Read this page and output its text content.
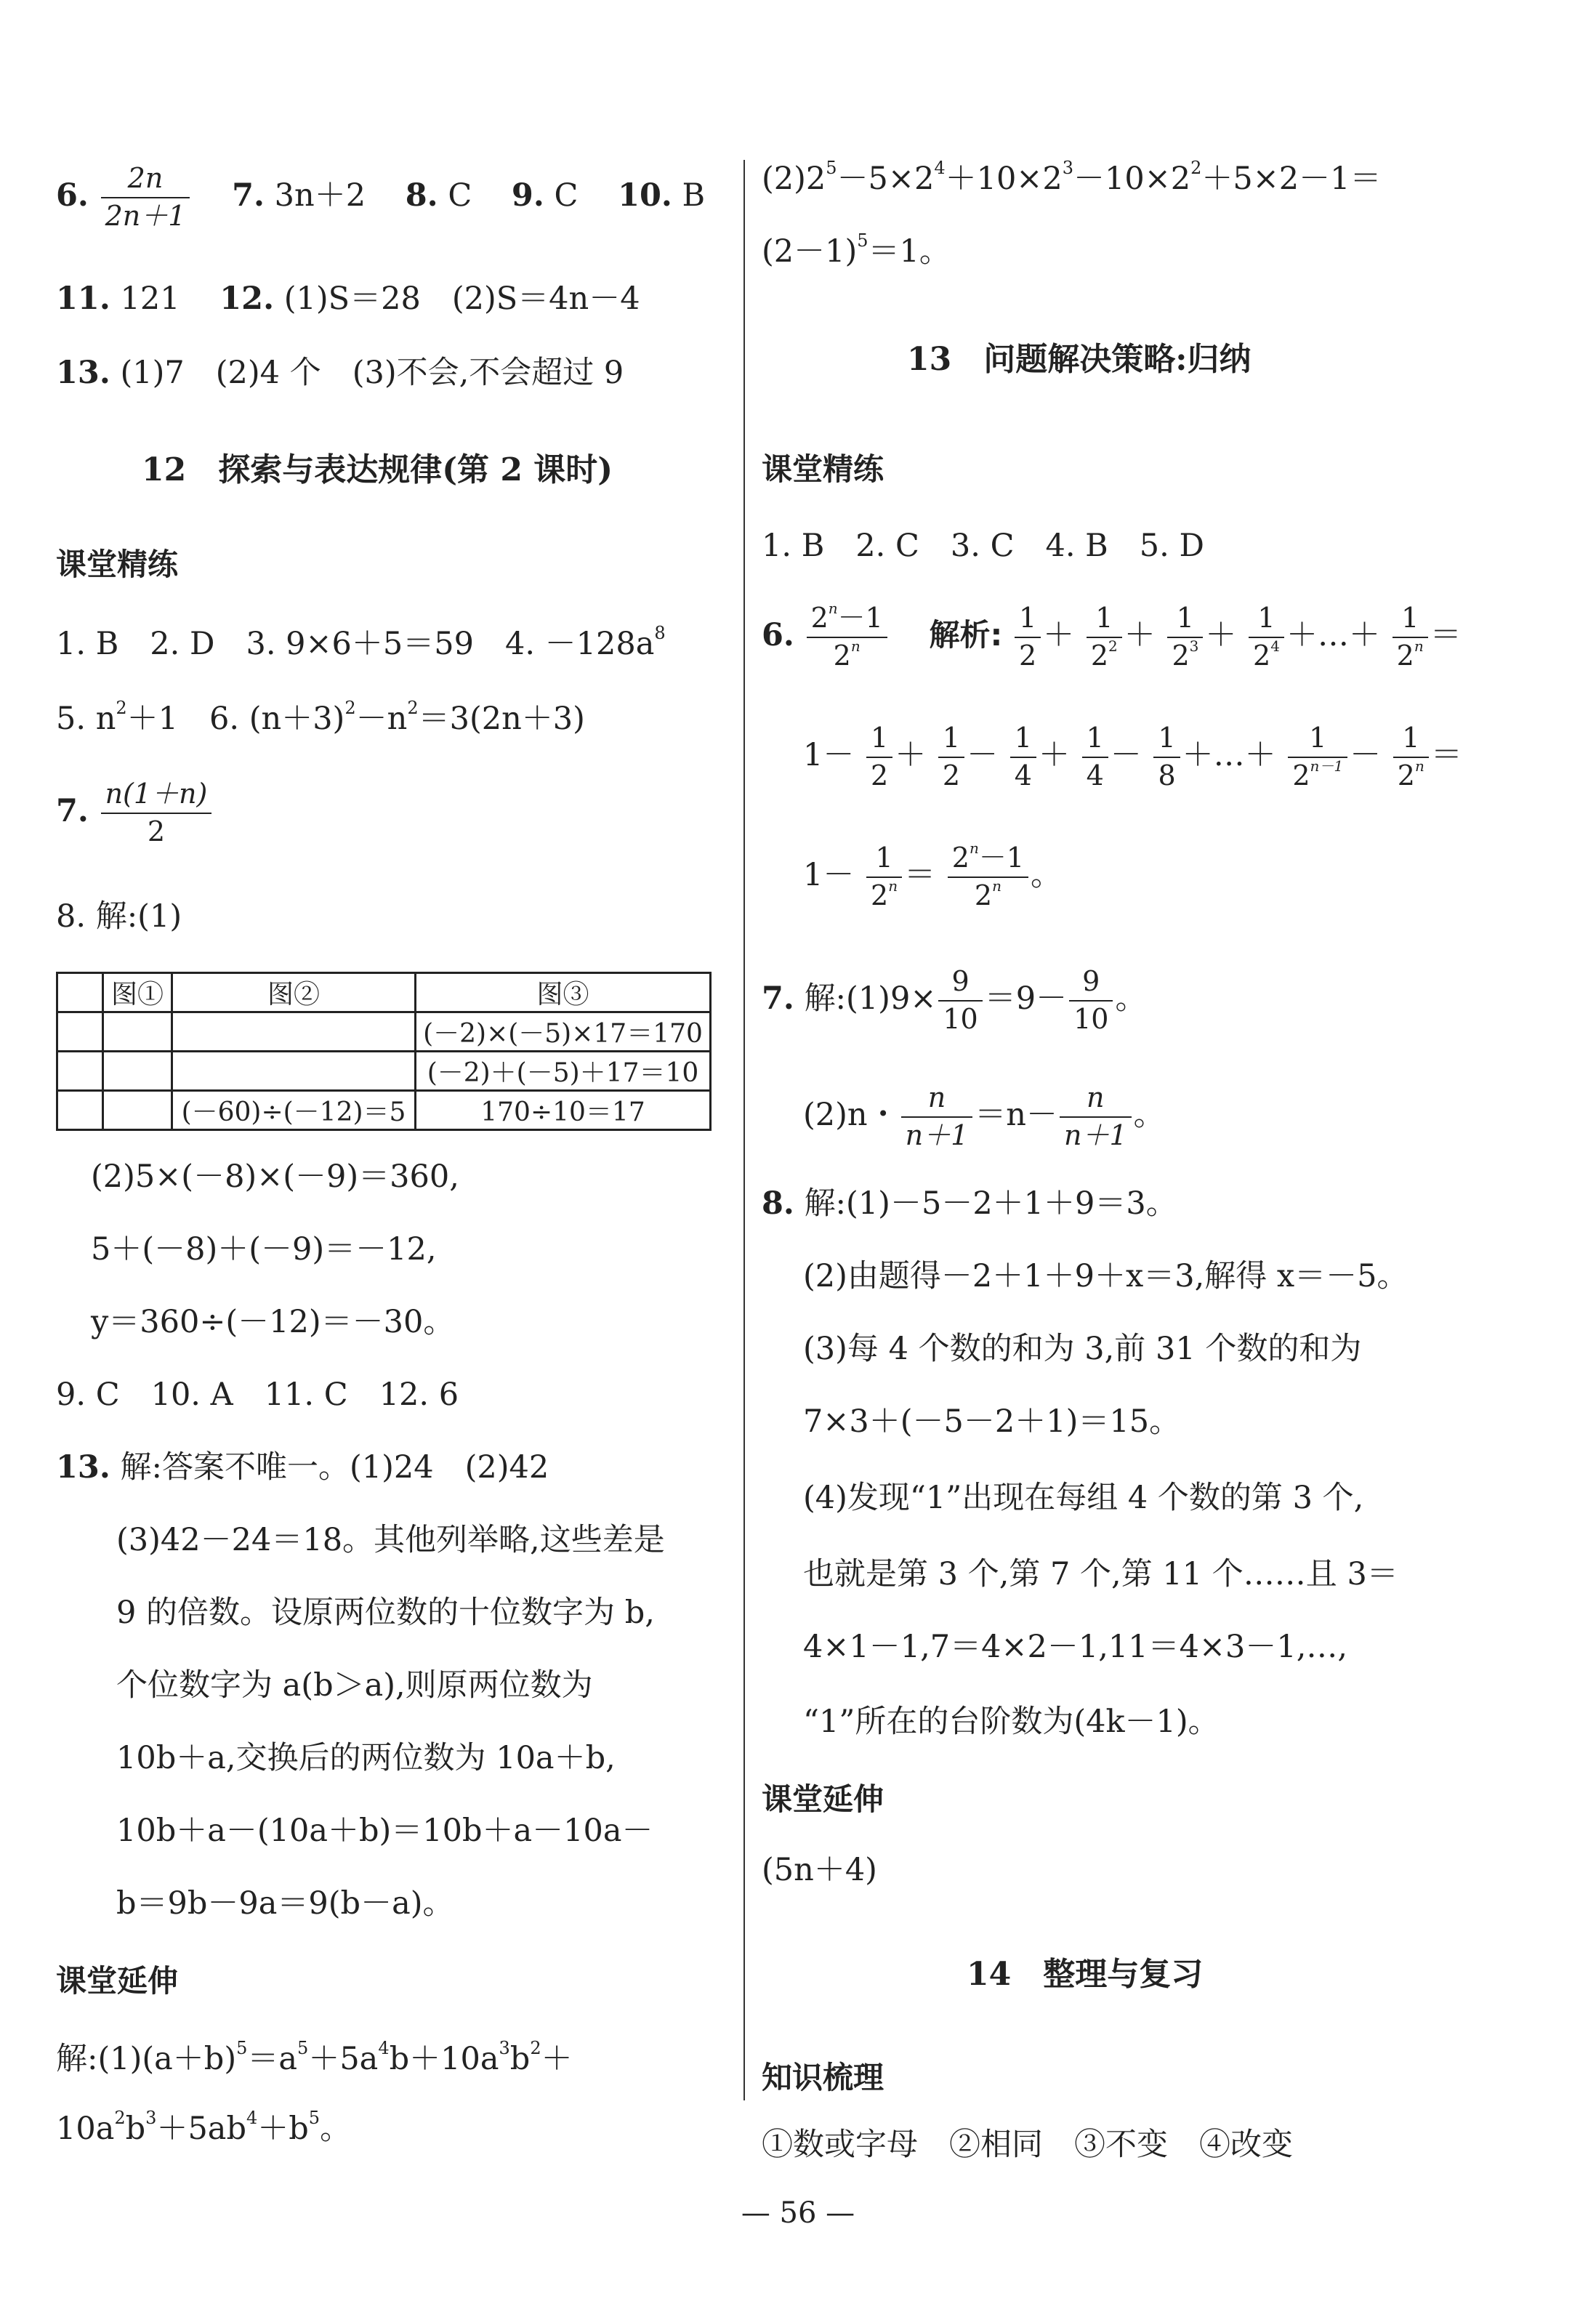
6. $\frac{2n}{2n+1} 7$. 3n＋2 8. C 9. C 10. B
11. 121 12. (1)S＝28　(2)S＝4n－4
13. (1)7　(2)4 个　(3)不会,不会超过 9
12　探索与表达规律(第 2 课时)
课堂精练
1. B　2. D　3. 9×6＋5＝59　4. $-128a^8$
5. $n^2+1$　6. $(n+3)^2-n^2=3(2n+3)$
7. $\frac{n(1+n)}{2}$
8. 解:(1)
	图①	图②	图③
			(－2)×(－5)×17＝170
			(－2)＋(－5)＋17＝10
		(－60)÷(－12)＝5	170÷10＝17
(2)5×(－8)×(－9)＝360,
5＋(－8)＋(－9)＝－12,
y＝360÷(－12)＝－30。
9. C　10. A　11. C　12. 6
13. 解:答案不唯一。(1)24　(2)42
(3)42－24＝18。其他列举略,这些差是
9 的倍数。设原两位数的十位数字为 b,
个位数字为 a(b＞a),则原两位数为
10b＋a,交换后的两位数为 10a＋b,
10b＋a－(10a＋b)＝10b＋a－10a－
b＝9b－9a＝9(b－a)。
课堂延伸
解$:(1)(a+b)^5=a^5+5a^4b+10a^3b^2+$
$10a^2b^3+5ab^4+b^5$。
$(2)2^5-5\times 2^4+10\times 2^3-10\times 2^2+5\times 2-1=$
$(2-1)^5=1$。
13　问题解决策略:归纳
课堂精练
1. B　2. C　3. C　4. B　5. D
6. $\frac{2^n-1}{2^n}$ 解析: $\frac{1}{2} + \frac{1}{2^2} + \frac{1}{2^3} + \frac{1}{2^4}$ ＋…＋ $\frac{1}{2^n}$ ＝
$1- \frac{1}{2} + \frac{1}{2} - \frac{1}{4} + \frac{1}{4} - \frac{1}{8}$ ＋…＋ $\frac{1}{2^{n-1}} - \frac{1}{2^n}$ ＝
$1- \frac{1}{2^n} = \frac{2^n-1}{2^n}$ 。
7. 解:(1)9× $\frac{9}{10} =9- \frac{9}{10}$ 。
(2)n・ $\frac{n}{n+1} =n- \frac{n}{n+1}$ 。
8. 解:(1)－5－2＋1＋9＝3。
(2)由题得－2＋1＋9＋x＝3,解得 x＝－5。
(3)每 4 个数的和为 3,前 31 个数的和为
7×3＋(－5－2＋1)＝15。
(4)发现“1”出现在每组 4 个数的第 3 个,
也就是第 3 个,第 7 个,第 11 个……且 3＝
4×1－1,7＝4×2－1,11＝4×3－1,…,
“1”所在的台阶数为(4k－1)。
课堂延伸
(5n＋4)
14　整理与复习
知识梳理
①数或字母　②相同　③不变　④改变
— 56 —
